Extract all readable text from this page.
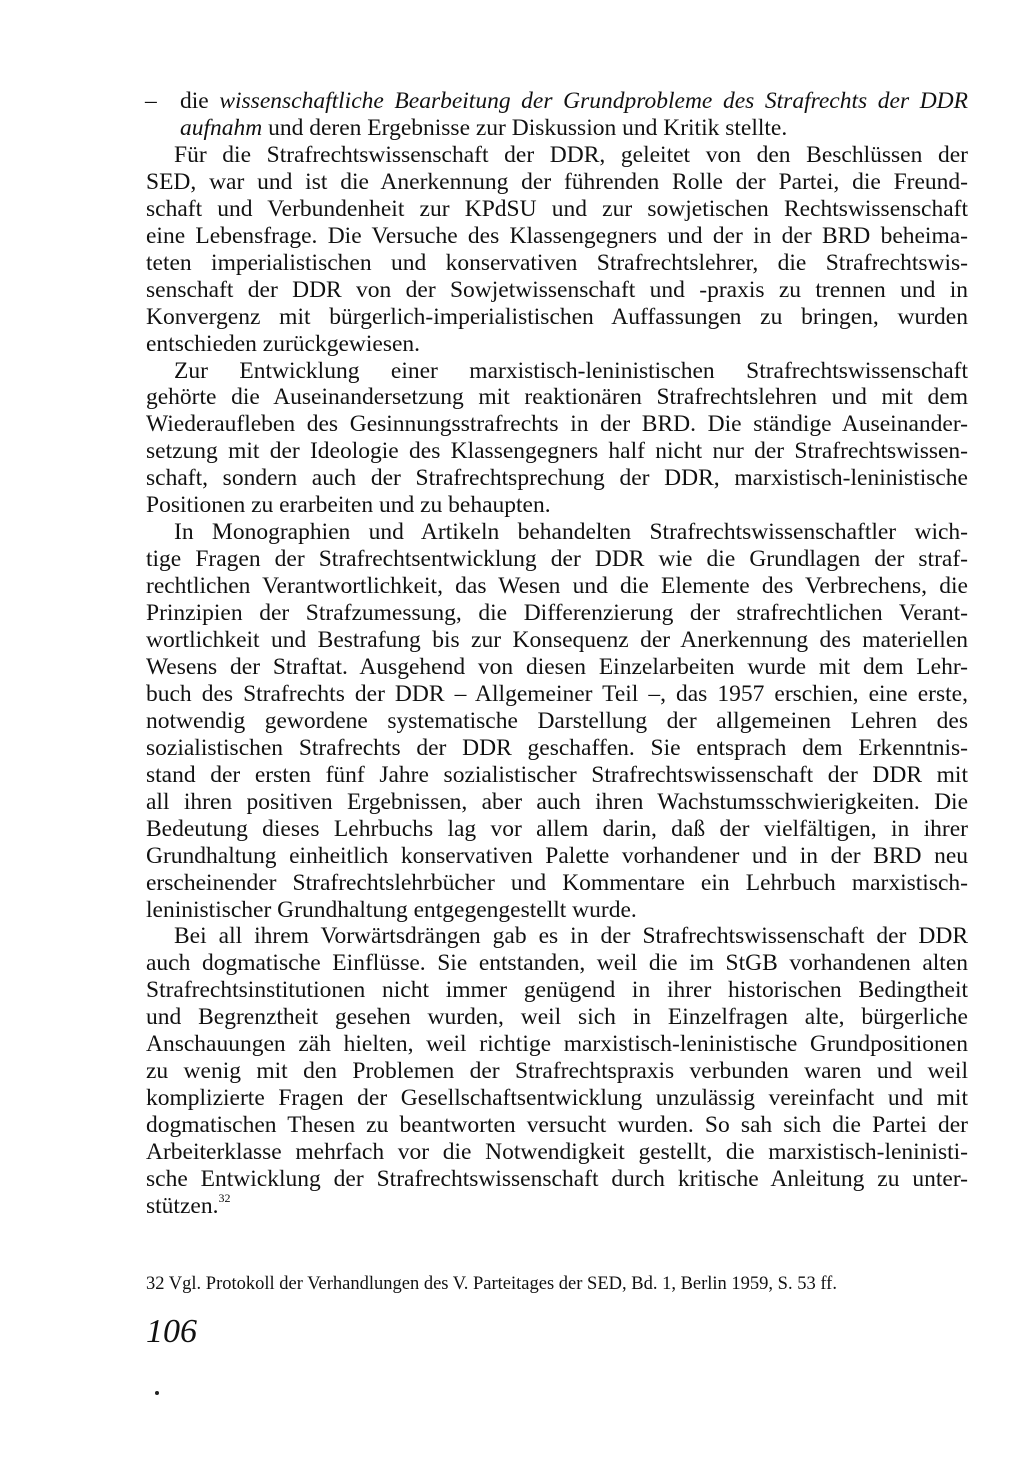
– die wissenschaftliche Bearbeitung der Grundprobleme des Strafrechts der DDR
aufnahm und deren Ergebnisse zur Diskussion und Kritik stellte.
Für die Strafrechtswissenschaft der DDR, geleitet von den Beschlüssen der
SED, war und ist die Anerkennung der führenden Rolle der Partei, die Freund-
schaft und Verbundenheit zur KPdSU und zur sowjetischen Rechtswissenschaft
eine Lebensfrage. Die Versuche des Klassengegners und der in der BRD beheima-
teten imperialistischen und konservativen Strafrechtslehrer, die Strafrechtswis-
senschaft der DDR von der Sowjetwissenschaft und -praxis zu trennen und in
Konvergenz mit bürgerlich-imperialistischen Auffassungen zu bringen, wurden
entschieden zurückgewiesen.
Zur Entwicklung einer marxistisch-leninistischen Strafrechtswissenschaft
gehörte die Auseinandersetzung mit reaktionären Strafrechtslehren und mit dem
Wiederaufleben des Gesinnungsstrafrechts in der BRD. Die ständige Auseinander-
setzung mit der Ideologie des Klassengegners half nicht nur der Strafrechtswissen-
schaft, sondern auch der Strafrechtsprechung der DDR, marxistisch-leninistische
Positionen zu erarbeiten und zu behaupten.
In Monographien und Artikeln behandelten Strafrechtswissenschaftler wich-
tige Fragen der Strafrechtsentwicklung der DDR wie die Grundlagen der straf-
rechtlichen Verantwortlichkeit, das Wesen und die Elemente des Verbrechens, die
Prinzipien der Strafzumessung, die Differenzierung der strafrechtlichen Verant-
wortlichkeit und Bestrafung bis zur Konsequenz der Anerkennung des materiellen
Wesens der Straftat. Ausgehend von diesen Einzelarbeiten wurde mit dem Lehr-
buch des Strafrechts der DDR – Allgemeiner Teil –, das 1957 erschien, eine erste,
notwendig gewordene systematische Darstellung der allgemeinen Lehren des
sozialistischen Strafrechts der DDR geschaffen. Sie entsprach dem Erkenntnis-
stand der ersten fünf Jahre sozialistischer Strafrechtswissenschaft der DDR mit
all ihren positiven Ergebnissen, aber auch ihren Wachstumsschwierigkeiten. Die
Bedeutung dieses Lehrbuchs lag vor allem darin, daß der vielfältigen, in ihrer
Grundhaltung einheitlich konservativen Palette vorhandener und in der BRD neu
erscheinender Strafrechtslehrbücher und Kommentare ein Lehrbuch marxistisch-
leninistischer Grundhaltung entgegengestellt wurde.
Bei all ihrem Vorwärtsdrängen gab es in der Strafrechtswissenschaft der DDR
auch dogmatische Einflüsse. Sie entstanden, weil die im StGB vorhandenen alten
Strafrechtsinstitutionen nicht immer genügend in ihrer historischen Bedingtheit
und Begrenztheit gesehen wurden, weil sich in Einzelfragen alte, bürgerliche
Anschauungen zäh hielten, weil richtige marxistisch-leninistische Grundpositionen
zu wenig mit den Problemen der Strafrechtspraxis verbunden waren und weil
komplizierte Fragen der Gesellschaftsentwicklung unzulässig vereinfacht und mit
dogmatischen Thesen zu beantworten versucht wurden. So sah sich die Partei der
Arbeiterklasse mehrfach vor die Notwendigkeit gestellt, die marxistisch-leninisti-
sche Entwicklung der Strafrechtswissenschaft durch kritische Anleitung zu unter-
stützen.$^{32}$
32 Vgl. Protokoll der Verhandlungen des V. Parteitages der SED, Bd. 1, Berlin 1959, S. 53 ff.
106
